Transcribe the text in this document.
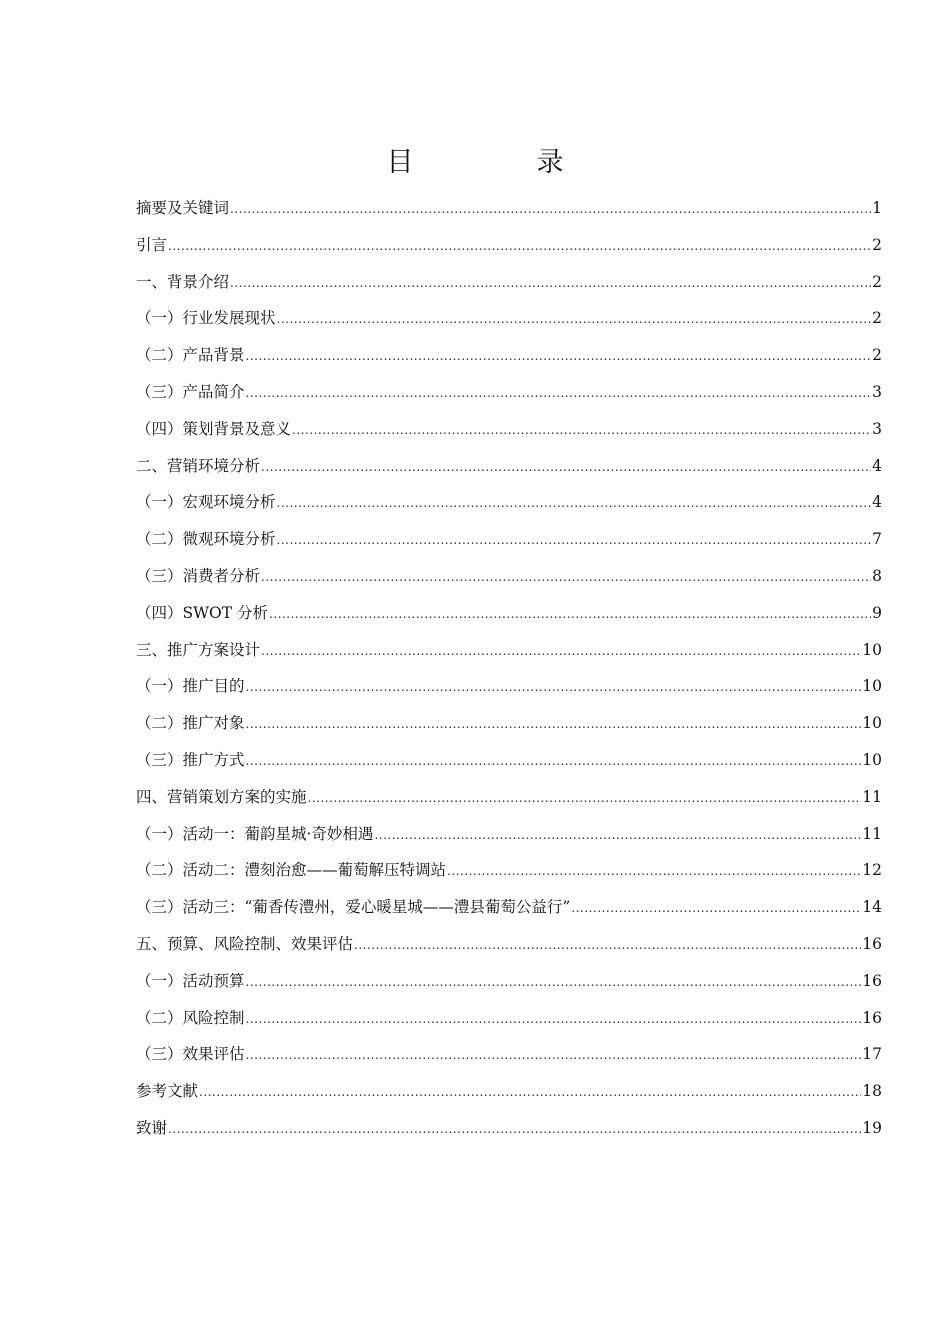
目　录
摘要及关键词 .....	1
引言 .....	2
一、背景介绍 .....	2
（一）行业发展现状 .....	2
（二）产品背景 .....	2
（三）产品简介 .....	3
（四）策划背景及意义 .....	3
二、营销环境分析 .....	4
（一）宏观环境分析 .....	4
（二）微观环境分析 .....	7
（三）消费者分析 .....	8
（四）SWOT 分析 .....	9
三、推广方案设计 .....	10
（一）推广目的 .....	10
（二）推广对象 .....	10
（三）推广方式 .....	10
四、营销策划方案的实施 .....	11
（一）活动一：葡韵星城·奇妙相遇 .....	11
（二）活动二：澧刻治愈——葡萄解压特调站 .....	12
（三）活动三：“葡香传澧州，爱心暖星城——澧县葡萄公益行” .....	14
五、预算、风险控制、效果评估 .....	16
（一）活动预算 .....	16
（二）风险控制 .....	16
（三）效果评估 .....	17
参考文献 .....	18
致谢 .....	19
